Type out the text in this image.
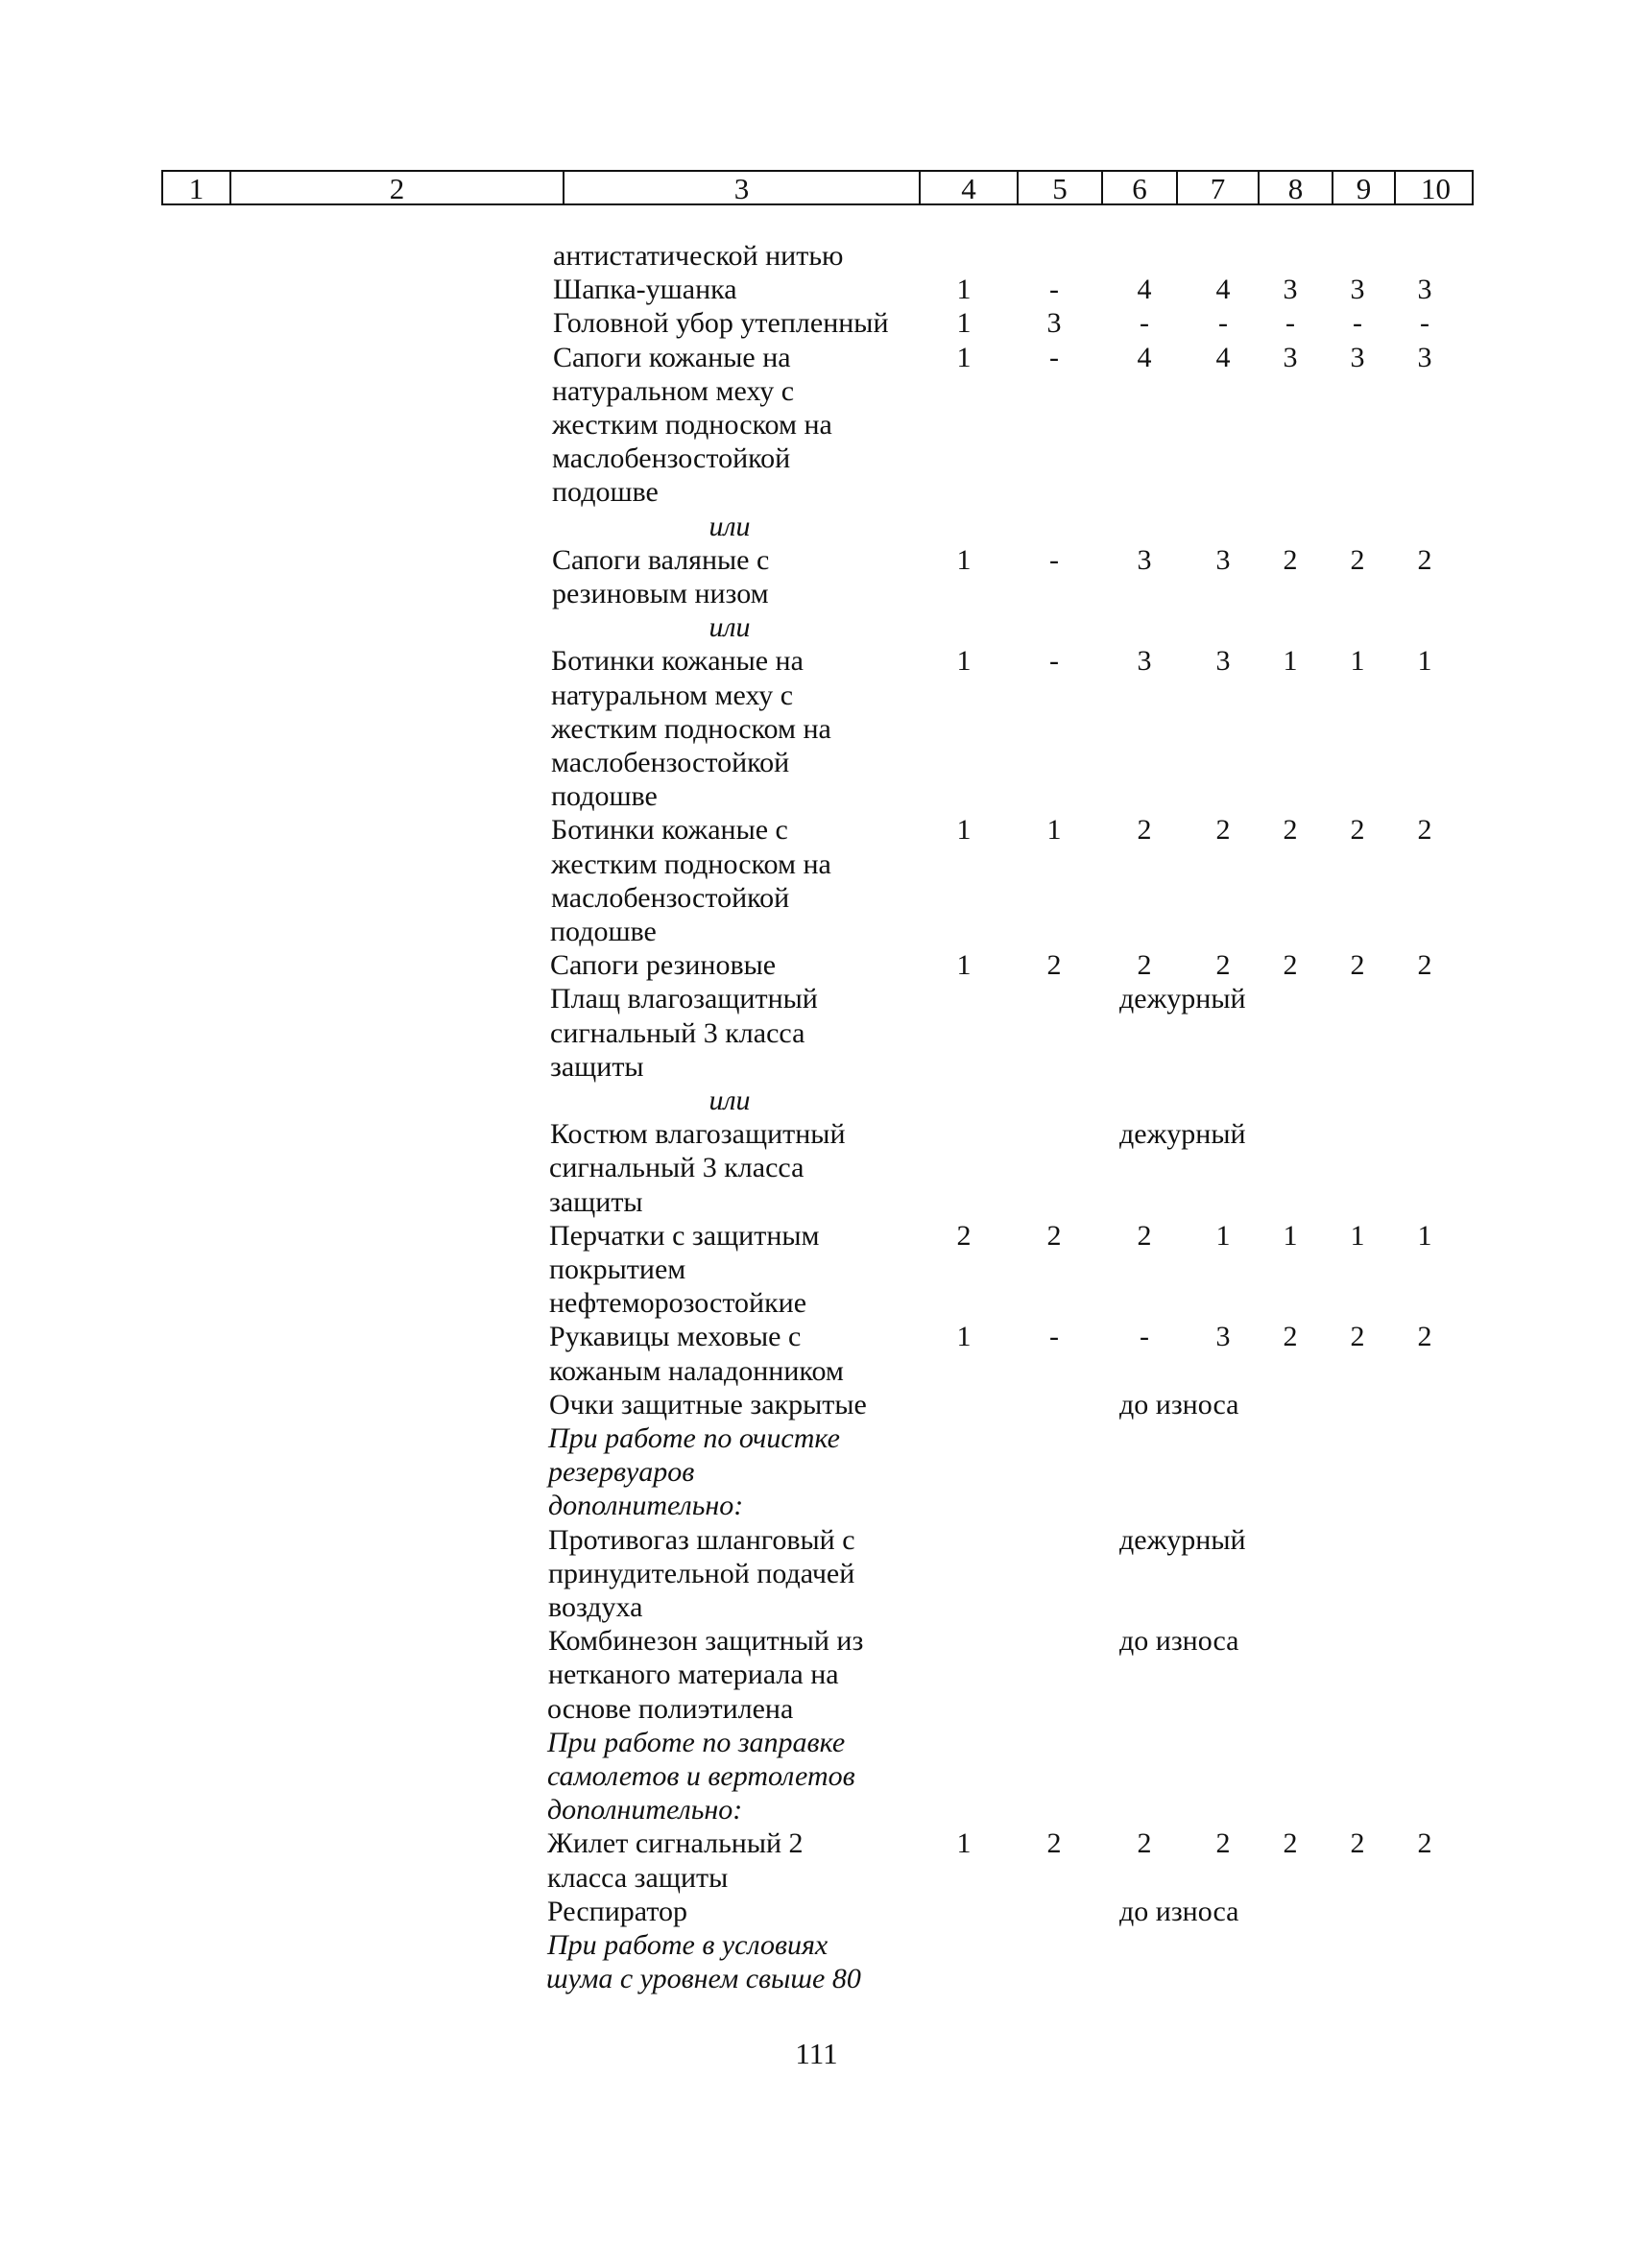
1	2	3	4	5	6	7	8	9	10
антистатической нитью
Шапка-ушанка	1	-	4	4	3	3	3
Головной убор утепленный	1	3	-	-	-	-	-
Сапоги кожаные на	1	-	4	4	3	3	3
натуральном меху с
жестким подноском на
маслобензостойкой
подошве
или
Сапоги валяные с	1	-	3	3	2	2	2
резиновым низом
или
Ботинки кожаные на	1	-	3	3	1	1	1
натуральном меху с
жестким подноском на
маслобензостойкой
подошве
Ботинки кожаные с	1	1	2	2	2	2	2
жестким подноском на
маслобензостойкой
подошве
Сапоги резиновые	1	2	2	2	2	2	2
Плащ влагозащитный	дежурный
сигнальный 3 класса
защиты
или
Костюм влагозащитный	дежурный
сигнальный 3 класса
защиты
Перчатки с защитным	2	2	2	1	1	1	1
покрытием
нефтеморозостойкие
Рукавицы меховые с	1	-	-	3	2	2	2
кожаным наладонником
Очки защитные закрытые	до износа
При работе по очистке
резервуаров
дополнительно:
Противогаз шланговый с	дежурный
принудительной подачей
воздуха
Комбинезон защитный из	до износа
нетканого материала на
основе полиэтилена
При работе по заправке
самолетов и вертолетов
дополнительно:
Жилет сигнальный 2	1	2	2	2	2	2	2
класса защиты
Респиратор	до износа
При работе в условиях
шума с уровнем свыше 80
111
